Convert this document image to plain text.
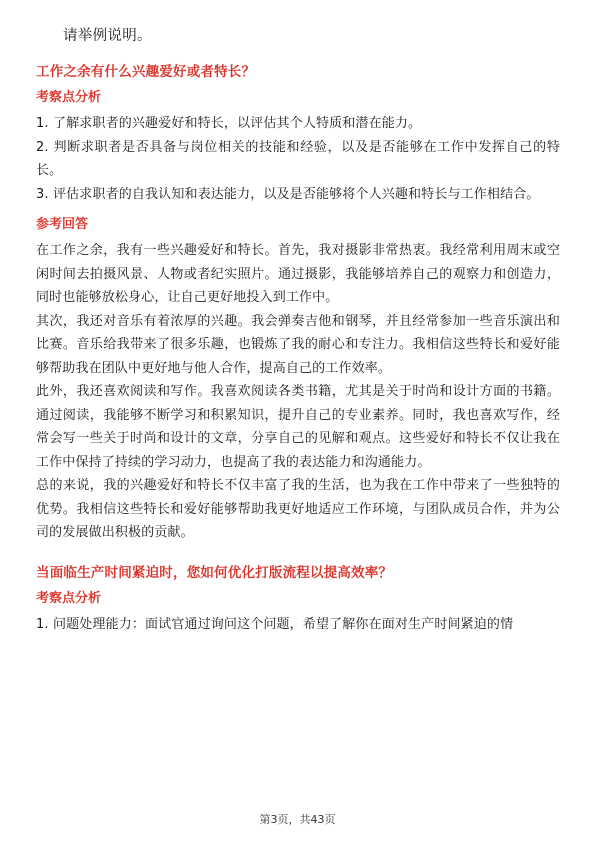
请举例说明。
工作之余有什么兴趣爱好或者特长？
考察点分析

1. 了解求职者的兴趣爱好和特长，以评估其个人特质和潜在能力。

2. 判断求职者是否具备与岗位相关的技能和经验，以及是否能够在工作中发挥自己的特长。

3. 评估求职者的自我认知和表达能力，以及是否能够将个人兴趣和特长与工作相结合。

参考回答

在工作之余，我有一些兴趣爱好和特长。首先，我对摄影非常热衷。我经常利用周末或空闲时间去拍摄风景、人物或者纪实照片。通过摄影，我能够培养自己的观察力和创造力，同时也能够放松身心，让自己更好地投入到工作中。

其次，我还对音乐有着浓厚的兴趣。我会弹奏吉他和钢琴，并且经常参加一些音乐演出和比赛。音乐给我带来了很多乐趣，也锻炼了我的耐心和专注力。我相信这些特长和爱好能够帮助我在团队中更好地与他人合作，提高自己的工作效率。

此外，我还喜欢阅读和写作。我喜欢阅读各类书籍，尤其是关于时尚和设计方面的书籍。通过阅读，我能够不断学习和积累知识，提升自己的专业素养。同时，我也喜欢写作，经常会写一些关于时尚和设计的文章，分享自己的见解和观点。这些爱好和特长不仅让我在工作中保持了持续的学习动力，也提高了我的表达能力和沟通能力。

总的来说，我的兴趣爱好和特长不仅丰富了我的生活，也为我在工作中带来了一些独特的优势。我相信这些特长和爱好能够帮助我更好地适应工作环境，与团队成员合作，并为公司的发展做出积极的贡献。

当面临生产时间紧迫时，您如何优化打版流程以提高效率？
考察点分析

1. 问题处理能力：面试官通过询问这个问题，希望了解你在面对生产时间紧迫的情

第3页，共43页
